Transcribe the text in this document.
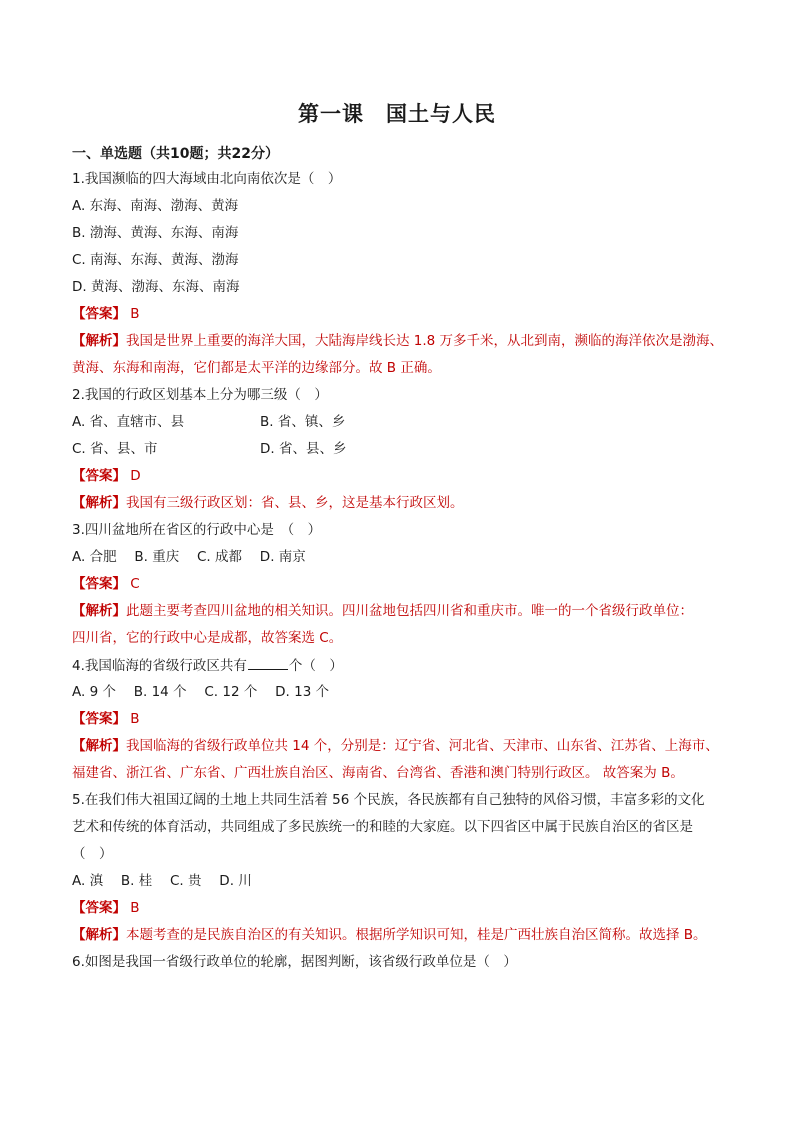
第一课　国土与人民
一、单选题（共10题；共22分）
1.我国濒临的四大海域由北向南依次是（　）
A. 东海、南海、渤海、黄海
B. 渤海、黄海、东海、南海
C. 南海、东海、黄海、渤海
D. 黄海、渤海、东海、南海
【答案】 B
【解析】我国是世界上重要的海洋大国，大陆海岸线长达 1.8 万多千米，从北到南，濒临的海洋依次是渤海、
黄海、东海和南海，它们都是太平洋的边缘部分。故 B 正确。
2.我国的行政区划基本上分为哪三级（　）
A. 省、直辖市、县	B. 省、镇、乡
C. 省、县、市	D. 省、县、乡
【答案】 D
【解析】我国有三级行政区划：省、县、乡，这是基本行政区划。
3.四川盆地所在省区的行政中心是　（　）
A. 合肥　 B. 重庆　 C. 成都　 D. 南京
【答案】 C
【解析】此题主要考查四川盆地的相关知识。四川盆地包括四川省和重庆市。唯一的一个省级行政单位：
四川省，它的行政中心是成都，故答案选 C。
4.我国临海的省级行政区共有	个（　）
A. 9 个　 B. 14 个　 C. 12 个　 D. 13 个
【答案】 B
【解析】我国临海的省级行政单位共 14 个，分别是：辽宁省、河北省、天津市、山东省、江苏省、上海市、
福建省、浙江省、广东省、广西壮族自治区、海南省、台湾省、香港和澳门特别行政区。 故答案为 B。
5.在我们伟大祖国辽阔的土地上共同生活着 56 个民族，各民族都有自己独特的风俗习惯，丰富多彩的文化
艺术和传统的体育活动，共同组成了多民族统一的和睦的大家庭。以下四省区中属于民族自治区的省区是
（　）
A. 滇　 B. 桂　 C. 贵　 D. 川
【答案】 B
【解析】本题考查的是民族自治区的有关知识。根据所学知识可知，桂是广西壮族自治区简称。故选择 B。
6.如图是我国一省级行政单位的轮廓，据图判断，该省级行政单位是（　）
